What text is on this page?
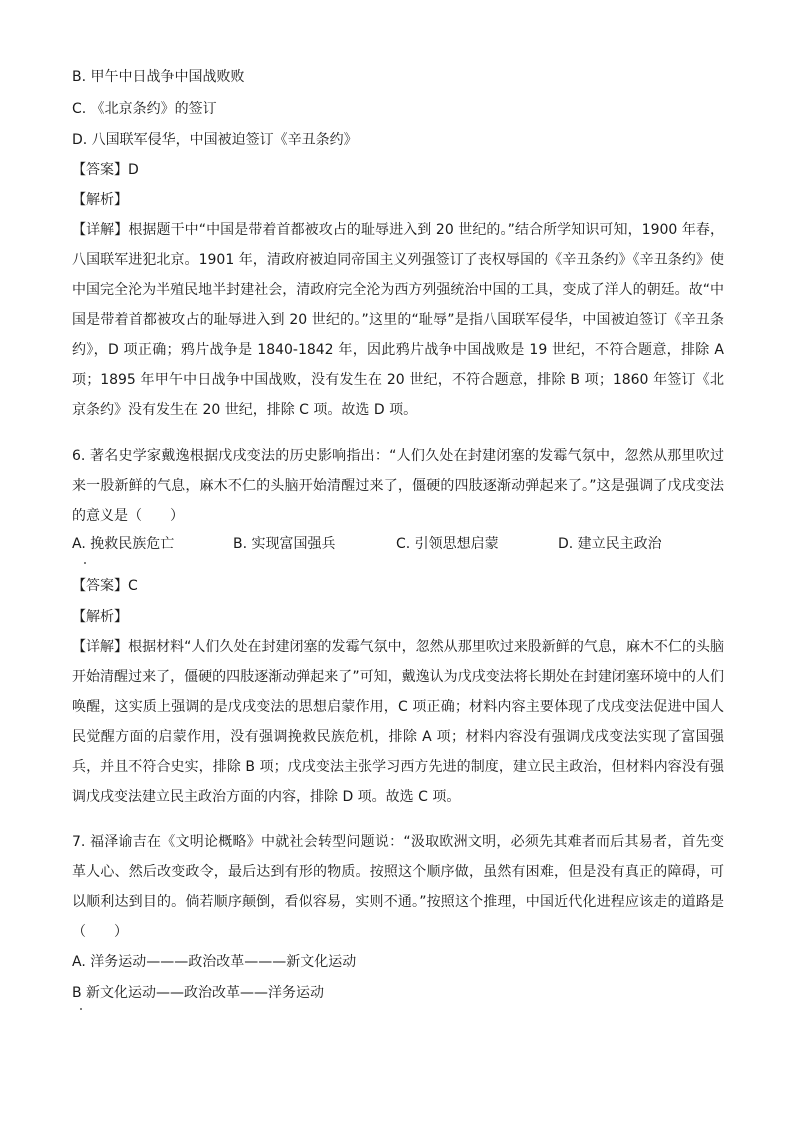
B. 甲午中日战争中国战败败
C. 《北京条约》的签订
D. 八国联军侵华，中国被迫签订《辛丑条约》
【答案】D
【解析】
【详解】根据题干中“中国是带着首都被攻占的耻辱进入到 20 世纪的。”结合所学知识可知，1900 年春，八国联军进犯北京。1901 年，清政府被迫同帝国主义列强签订了丧权辱国的《辛丑条约》《辛丑条约》使中国完全沦为半殖民地半封建社会，清政府完全沦为西方列强统治中国的工具，变成了洋人的朝廷。故“中国是带着首都被攻占的耻辱进入到 20 世纪的。”这里的“耻辱”是指八国联军侵华，中国被迫签订《辛丑条约》，D 项正确；鸦片战争是 1840-1842 年，因此鸦片战争中国战败是 19 世纪，不符合题意，排除 A 项；1895 年甲午中日战争中国战败，没有发生在 20 世纪，不符合题意，排除 B 项；1860 年签订《北京条约》没有发生在 20 世纪，排除 C 项。故选 D 项。
6. 著名史学家戴逸根据戊戌变法的历史影响指出：“人们久处在封建闭塞的发霉气氛中，忽然从那里吹过来一股新鲜的气息，麻木不仁的头脑开始清醒过来了，僵硬的四肢逐渐动弹起来了。”这是强调了戊戌变法的意义是（　　）
A. 挽救民族危亡	B. 实现富国强兵	C. 引领思想启蒙	D. 建立民主政治
【答案】C
【解析】
【详解】根据材料“人们久处在封建闭塞的发霉气氛中，忽然从那里吹过来股新鲜的气息，麻木不仁的头脑开始清醒过来了，僵硬的四肢逐渐动弹起来了”可知，戴逸认为戊戌变法将长期处在封建闭塞环境中的人们唤醒，这实质上强调的是戊戌变法的思想启蒙作用，C 项正确；材料内容主要体现了戊戌变法促进中国人民觉醒方面的启蒙作用，没有强调挽救民族危机，排除 A 项；材料内容没有强调戊戌变法实现了富国强兵，并且不符合史实，排除 B 项；戊戌变法主张学习西方先进的制度，建立民主政治，但材料内容没有强调戊戌变法建立民主政治方面的内容，排除 D 项。故选 C 项。
7. 福泽谕吉在《文明论概略》中就社会转型问题说：“汲取欧洲文明，必须先其难者而后其易者，首先变革人心、然后改变政令，最后达到有形的物质。按照这个顺序做，虽然有困难，但是没有真正的障碍，可以顺利达到目的。倘若顺序颠倒，看似容易，实则不通。”按照这个推理，中国近代化进程应该走的道路是（　　）
A. 洋务运动———政治改革———新文化运动
B 新文化运动——政治改革——洋务运动
